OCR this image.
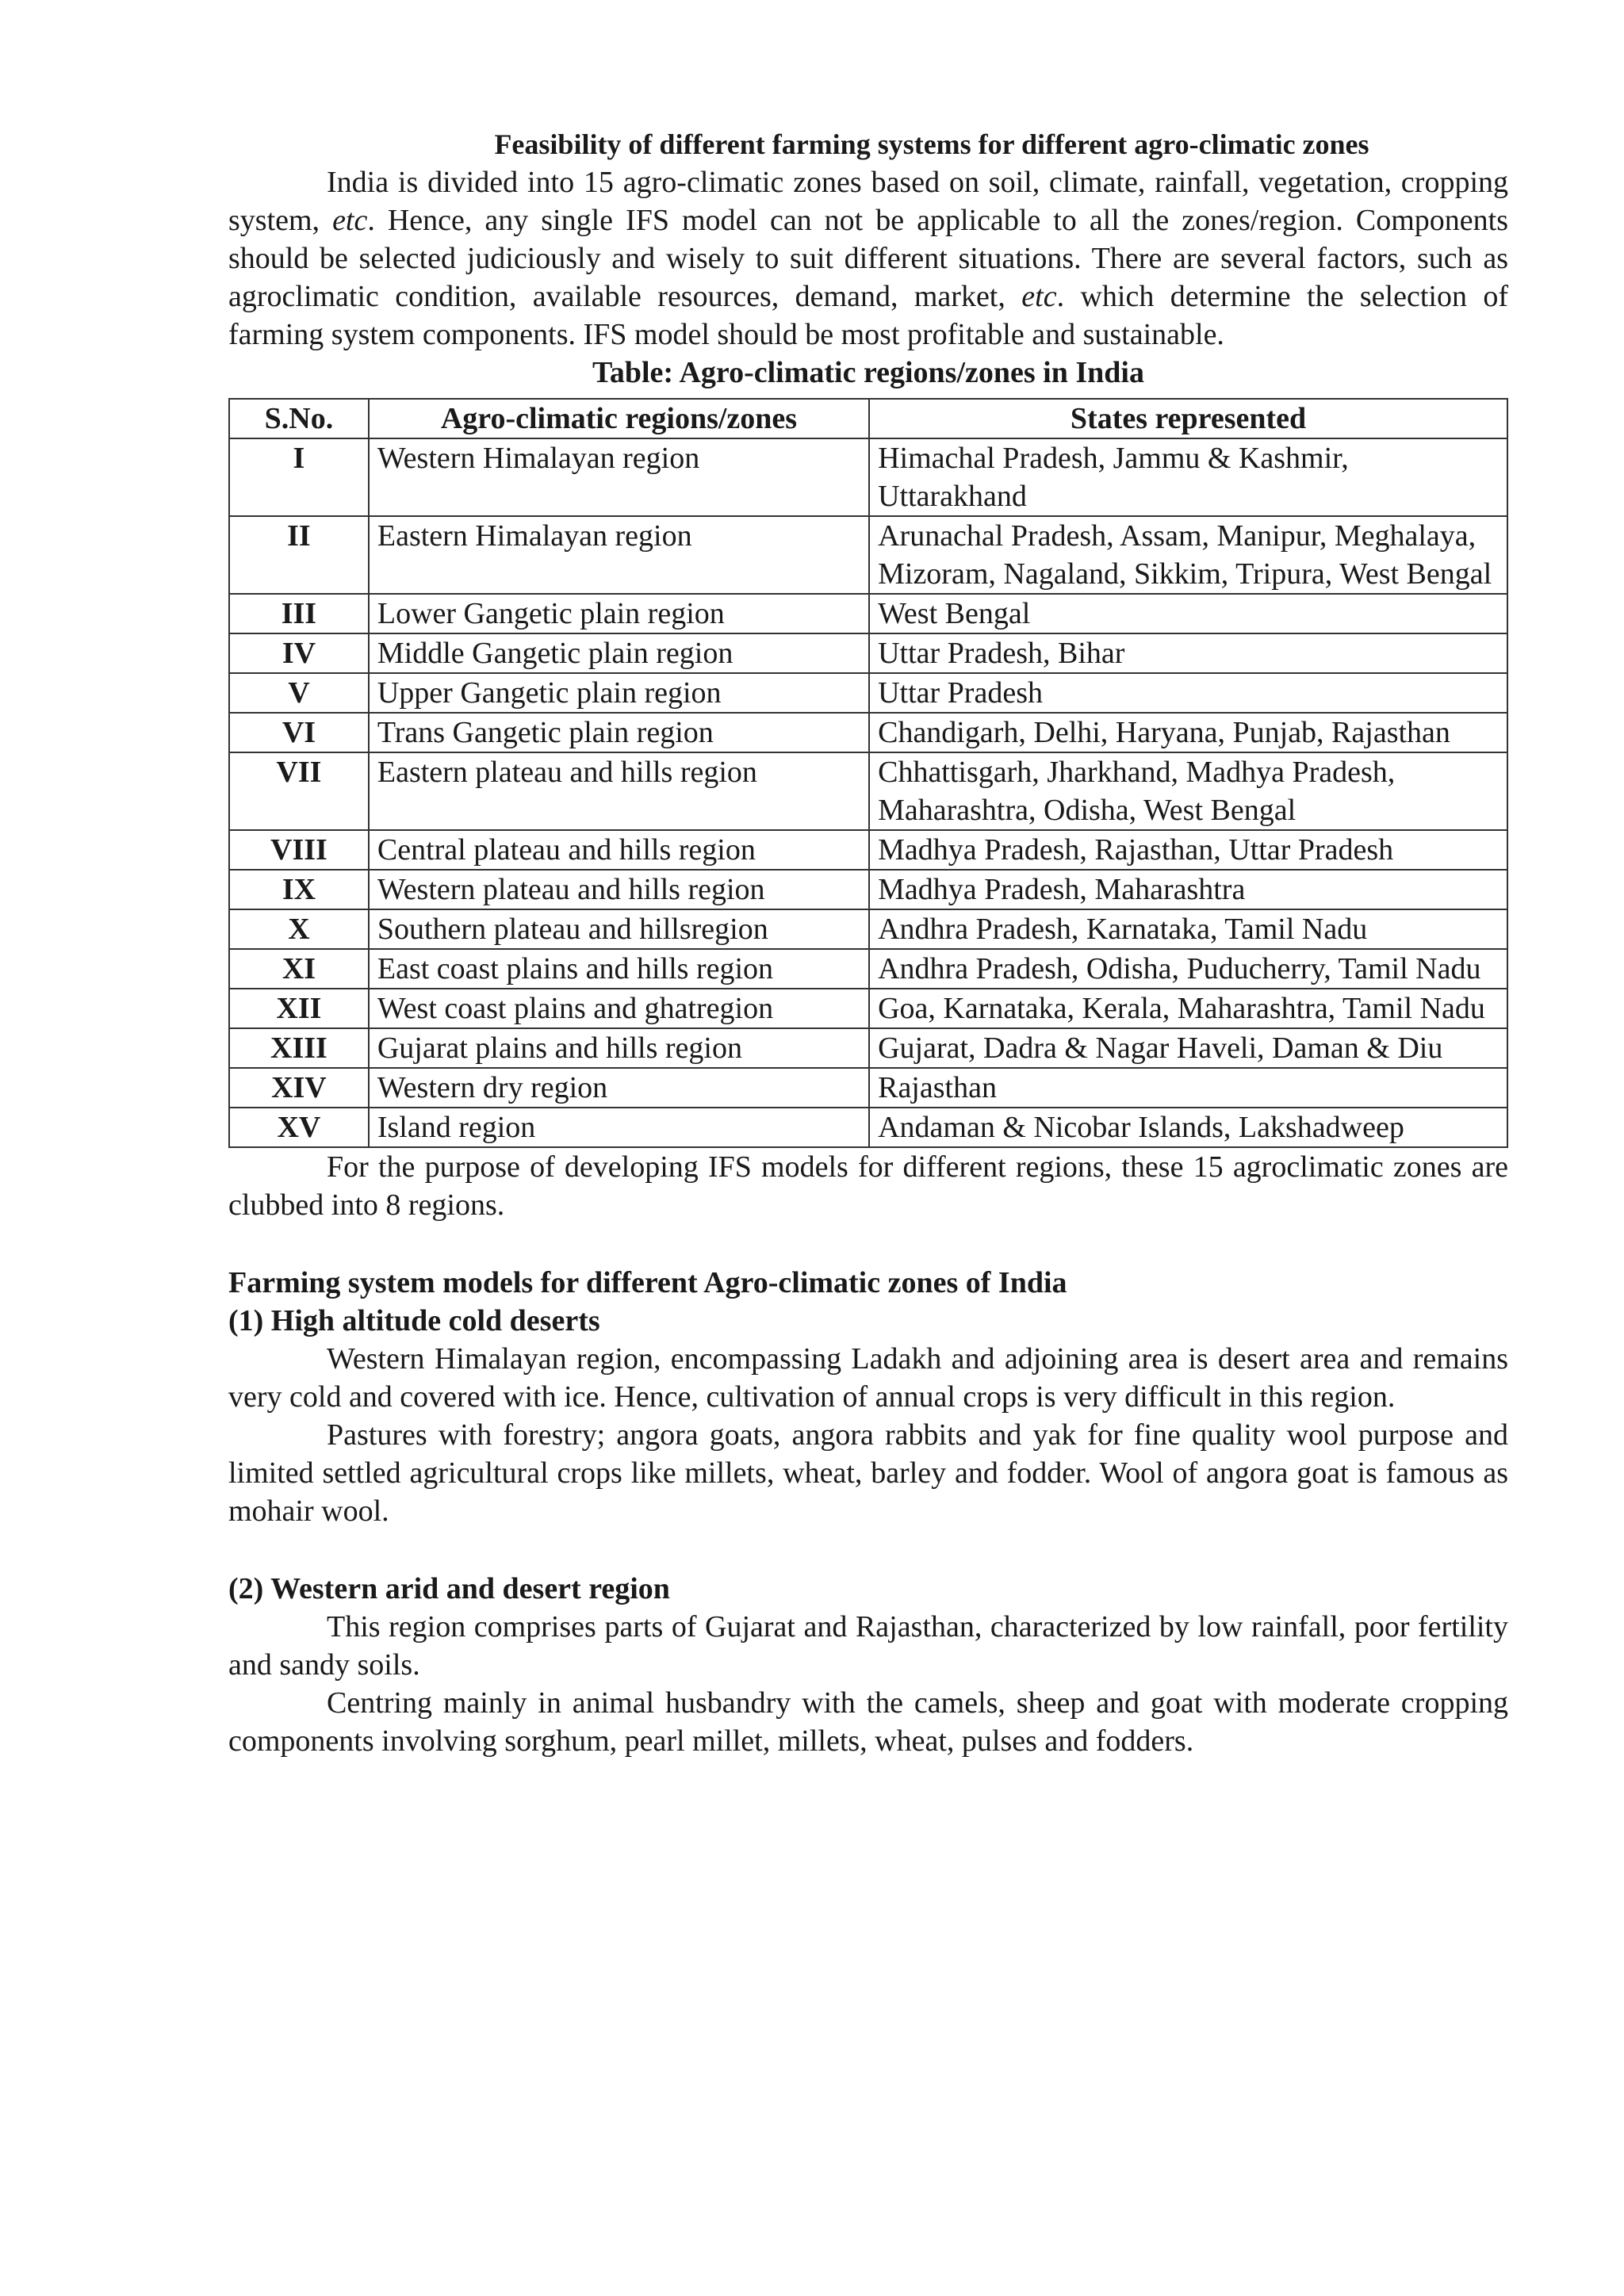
Feasibility of different farming systems for different agro-climatic zones

India is divided into 15 agro-climatic zones based on soil, climate, rainfall, vegetation, cropping system, etc. Hence, any single IFS model can not be applicable to all the zones/region. Components should be selected judiciously and wisely to suit different situations. There are several factors, such as agroclimatic condition, available resources, demand, market, etc. which determine the selection of farming system components. IFS model should be most profitable and sustainable.

Table: Agro-climatic regions/zones in India

S.No.	Agro-climatic regions/zones	States represented
I	Western Himalayan region	Himachal Pradesh, Jammu & Kashmir, Uttarakhand
II	Eastern Himalayan region	Arunachal Pradesh, Assam, Manipur, Meghalaya, Mizoram, Nagaland, Sikkim, Tripura, West Bengal
III	Lower Gangetic plain region	West Bengal
IV	Middle Gangetic plain region	Uttar Pradesh, Bihar
V	Upper Gangetic plain region	Uttar Pradesh
VI	Trans Gangetic plain region	Chandigarh, Delhi, Haryana, Punjab, Rajasthan
VII	Eastern plateau and hills region	Chhattisgarh, Jharkhand, Madhya Pradesh, Maharashtra, Odisha, West Bengal
VIII	Central plateau and hills region	Madhya Pradesh, Rajasthan, Uttar Pradesh
IX	Western plateau and hills region	Madhya Pradesh, Maharashtra
X	Southern plateau and hillsregion	Andhra Pradesh, Karnataka, Tamil Nadu
XI	East coast plains and hills region	Andhra Pradesh, Odisha, Puducherry, Tamil Nadu
XII	West coast plains and ghatregion	Goa, Karnataka, Kerala, Maharashtra, Tamil Nadu
XIII	Gujarat plains and hills region	Gujarat, Dadra & Nagar Haveli, Daman & Diu
XIV	Western dry region	Rajasthan
XV	Island region	Andaman & Nicobar Islands, Lakshadweep

For the purpose of developing IFS models for different regions, these 15 agroclimatic zones are clubbed into 8 regions.

Farming system models for different Agro-climatic zones of India

(1) High altitude cold deserts

Western Himalayan region, encompassing Ladakh and adjoining area is desert area and remains very cold and covered with ice. Hence, cultivation of annual crops is very difficult in this region.

Pastures with forestry; angora goats, angora rabbits and yak for fine quality wool purpose and limited settled agricultural crops like millets, wheat, barley and fodder. Wool of angora goat is famous as mohair wool.

(2) Western arid and desert region

This region comprises parts of Gujarat and Rajasthan, characterized by low rainfall, poor fertility and sandy soils.

Centring mainly in animal husbandry with the camels, sheep and goat with moderate cropping components involving sorghum, pearl millet, millets, wheat, pulses and fodders.
